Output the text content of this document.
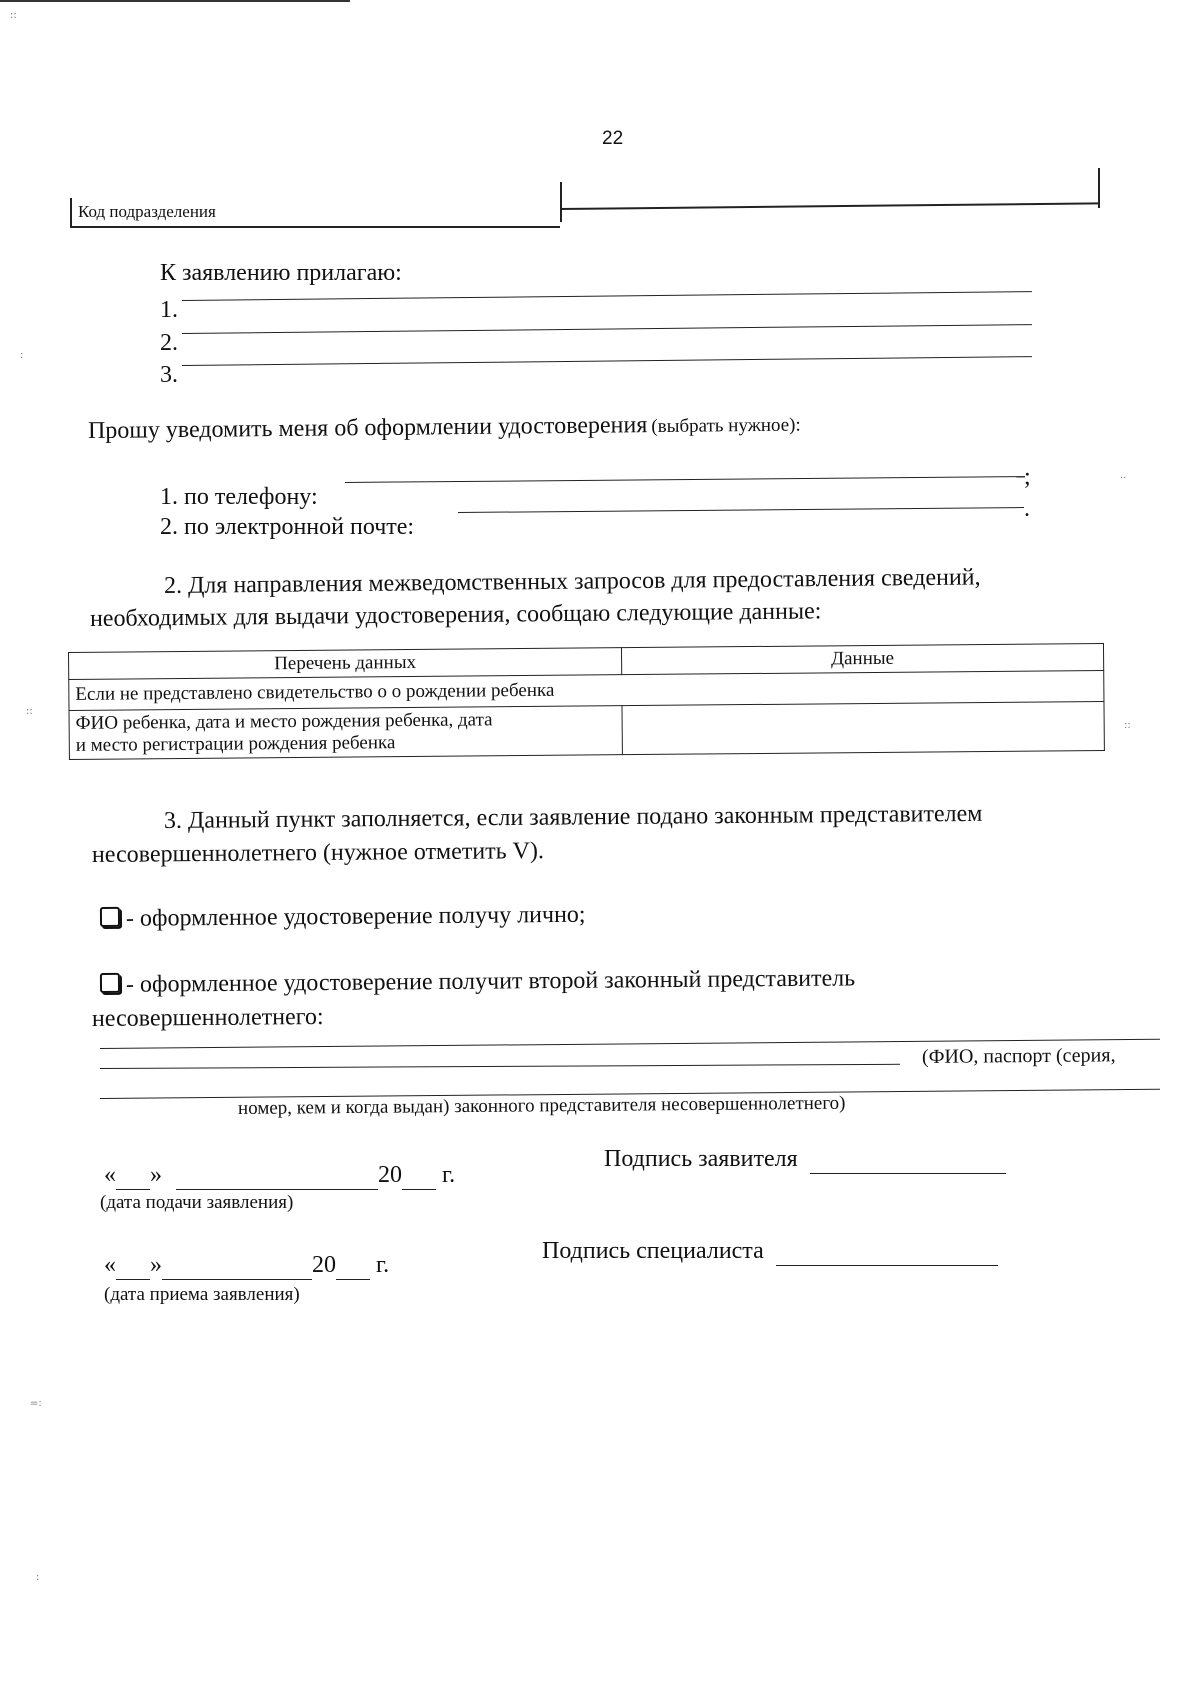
22
Код подразделения
К заявлению прилагаю:
1.
2.
3.
Прошу уведомить меня об оформлении удостоверения (выбрать нужное):
1. по телефону:
;
2. по электронной почте:
.
2. Для направления межведомственных запросов для предоставления сведений,
необходимых для выдачи удостоверения, сообщаю следующие данные:
Перечень данных	Данные
Если не представлено свидетельство о о рождении ребенка	

ФИО ребенка, дата и место рождения ребенка, дата
и место регистрации рождения ребенка	

3. Данный пункт заполняется, если заявление подано законным представителем
несовершеннолетнего (нужное отметить V).
- оформленное удостоверение получу лично;
- оформленное удостоверение получит второй законный представитель
несовершеннолетнего:
(ФИО, паспорт (серия,
номер, кем и когда выдан) законного представителя несовершеннолетнего)
« »	20 г.
Подпись заявителя
(дата подачи заявления)
« »	20 г.
Подпись специалиста
(дата приема заявления)
::
:
::
=:
:
::
..
